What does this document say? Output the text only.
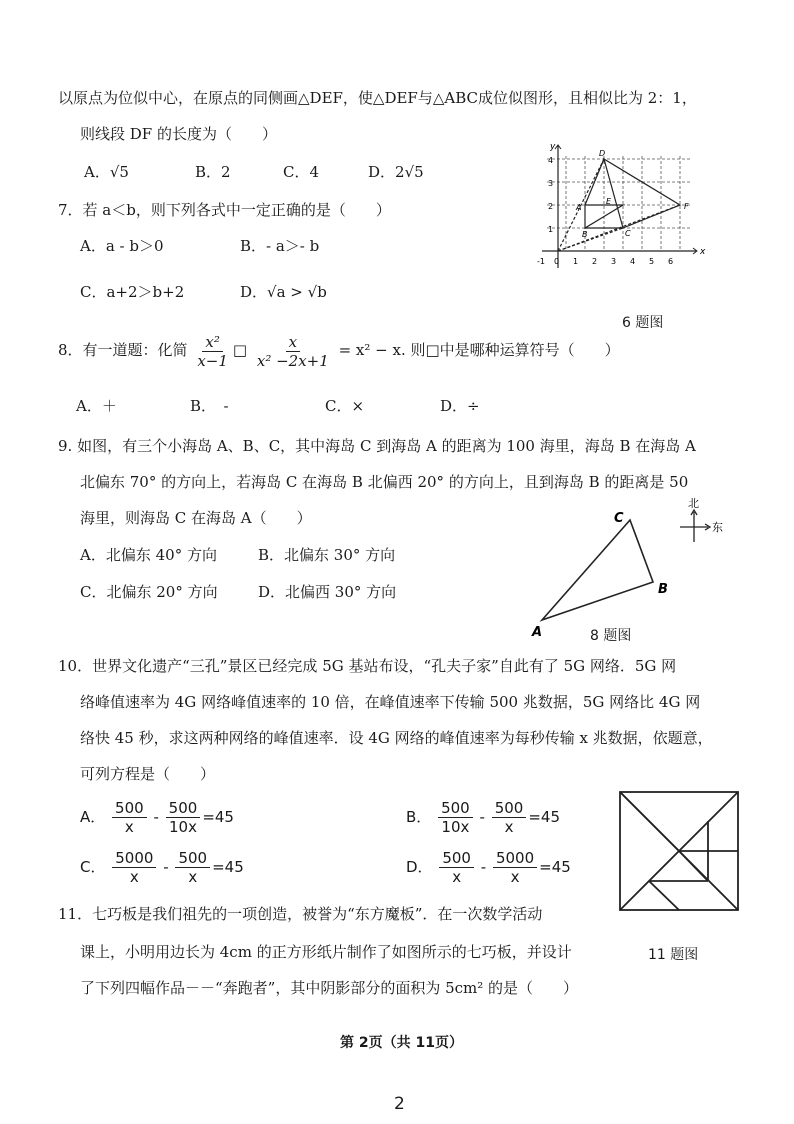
以原点为位似中心，在原点的同侧画△DEF，使△DEF与△ABC成位似图形，且相似比为 2：1，
则线段 DF 的长度为（　　）
A．√5	B．2	C．4	D．2√5
x
y
-1 0 1 2 3 4 5 6
1
2
3
4
D
A
E
F
B	C
6 题图
7．若 a＜b，则下列各式中一定正确的是（　　）
A．a - b＞0	B．- a＞- b
C．a+2＞b+2	D．√a > √b
8．有一道题：化简 $\frac{\text{x²}}{x-1}$ □ $\frac{x}{\text{x² −2x+1}} = x^2 - x$. 则□中是哪种运算符号（　　）
A．＋	B．　-	C．×	D．÷
9. 如图，有三个小海岛 A、B、C，其中海岛 C 到海岛 A 的距离为 100 海里，海岛 B 在海岛 A
北偏东 70° 的方向上，若海岛 C 在海岛 B 北偏西 20° 的方向上，且到海岛 B 的距离是 50
海里，则海岛 C 在海岛 A（　　）
A．北偏东 40° 方向	B．北偏东 30° 方向
C．北偏东 20° 方向	D．北偏西 30° 方向
A
B
C
北
东
8 题图
10．世界文化遗产“三孔”景区已经完成 5G 基站布设，“孔夫子家”自此有了 5G 网络．5G 网
络峰值速率为 4G 网络峰值速率的 10 倍，在峰值速率下传输 500 兆数据，5G 网络比 4G 网
络快 45 秒，求这两种网络的峰值速率．设 4G 网络的峰值速率为每秒传输 x 兆数据，依题意，
可列方程是（　　）
A． $\frac{500}{x} - \frac{500}{10x} =45$	B． $\frac{500}{10x} - \frac{500}{x} =45$
C． $\frac{5000}{x} - \frac{500}{x} =45$	D． $\frac{500}{x} - \frac{5000}{x} =45$
11．七巧板是我们祖先的一项创造，被誉为“东方魔板”．在一次数学活动
课上，小明用边长为 4cm 的正方形纸片制作了如图所示的七巧板，并设计
了下列四幅作品－－“奔跑者”，其中阴影部分的面积为 5cm² 的是（　　）
11 题图
第 2页（共 11页）
2
